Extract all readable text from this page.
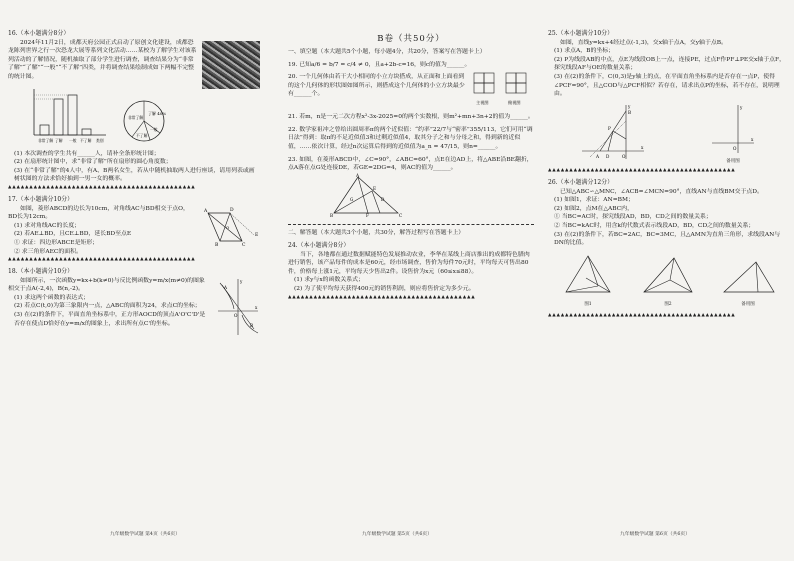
16.（本小题满分8分）
2024年11月2日，成都天府公园正式启动了原创文化建设，成都恐龙陈列世界之行一次恐龙大展等系列文化活动……某校为了解学生对该系列活动的了解情况，随机抽取了部分学生进行调查，调查结果分为“非常了解”“了解”“一般”“不了解”四类，并将调查结果绘制成如下两幅不完整的统计图。
非常了解 了解 一般 不了解 类别
了解 40%
非常了解
一般
不了解
(1) 本次调查的学生共有______人，请补全条形统计图；
(2) 在扇形统计图中，求“非常了解”所在扇形的圆心角度数；
(3) 在“非常了解”的4人中，有A、B两名女生，若从中随机抽取两人进行座谈，请用列表或画树状图的方法求恰好抽到一男一女的概率。
▲▲▲▲▲▲▲▲▲▲▲▲▲▲▲▲▲▲▲▲▲▲▲▲▲▲▲▲▲▲▲▲▲▲▲▲▲▲▲▲▲▲▲▲
17.（本小题满分10分）
A	D
B	C
E
O
如图，菱形ABCD的边长为10cm，对角线AC与BD相交于点O，BD长为12cm。
(1) 求对角线AC的长度；
(2) 若AE⊥BD，且CE⊥BD，延长BD至点E
① 求证：四边形ABCE是矩形；
② 求三角形AEC的面积。
▲▲▲▲▲▲▲▲▲▲▲▲▲▲▲▲▲▲▲▲▲▲▲▲▲▲▲▲▲▲▲▲▲▲▲▲▲▲▲▲▲▲▲▲
18.（本小题满分10分）
y
A
O
x
B
如图所示，一次函数y=kx+b(k≠0)与反比例函数y=m/x(m≠0)的图象相交于点A(-2,4)，B(n,-2)。
(1) 求这两个函数的表达式；
(2) 若点C(t,0)为第三象限内一点，△ABC的面积为24，求点C的坐标；
(3) 在(2)的条件下，平面直角坐标系中，正方形AOCD的顶点A'O'C'D'是否存在使点D恰好在y=m/x的图象上，求出所有点C'的坐标。
B卷（共50分）
一、填空题（本大题共5个小题，每小题4分，共20分，答案写在答题卡上）
19. 已知a/6 = b/7 = c/4 ≠ 0，且a+2b-c=16，则c的值为______。
主视图	俯视图
20. 一个几何体由若干大小相同的小立方块搭成，从正面和上面看到的这个几何体的形状图如图所示，则搭成这个几何体的小立方块最少有______个。
21. 若m，n是一元二次方程x²-3x-2025=0的两个实数根，则m²+mn+3n+2的值为______。
22. 数学家祖冲之曾给出圆周率π的两个近似值：“约率”22/7与“密率”355/113，它们可用“调日法”得到：取π的不足近似值3和过剩近似值4，取其分子之和与分母之和，得到新的近似值，……依次计算，经过n次运算后得到的近似值为a_n = 47/15，则n=______。
23. 如图，在菱形ABCD中，∠C=90°，∠ABC=60°，点E在边AD上，将△ABE沿BE翻折，点A落在点G处连接DE，若GE=2DG=4，则AC的值为______。
A
E
D
G
B	F	C
二、解答题（本大题共3个小题，共30分，解答过程写在答题卡上）
24.（本小题满分8分）
当下，各地都在通过数据赋能特色发展推动农业，李华在某线上商店推出的成都特色腊肉进行销售，该产品每件的成本是60元，经市场调查，售价为每件70元时，平均每天可售出80件，价格每上涨1元，平均每天少售出2件。设售价为x元（60≤x≤88）。
(1) 求y与x的函数关系式；
(2) 为了使平均每天获得400元的销售利润，则应将售价定为多少元。
▲▲▲▲▲▲▲▲▲▲▲▲▲▲▲▲▲▲▲▲▲▲▲▲▲▲▲▲▲▲▲▲▲▲▲▲▲▲▲▲▲▲▲▲
25.（本小题满分10分）
如图，直线y=kx+4经过点(-1,3)，交x轴于点A，交y轴于点B。
(1) 求点A，B的坐标；
(2) P为线段AB的中点，点E为线段OB上一点，连接PE，过点F作PF⊥PE交x轴于点F，探究线段AF与OE的数量关系；
(3) 在(2)的条件下，C(0,3)是y轴上的点，在平面直角坐标系内是否存在一点P，使得∠PCF=90°，且△COD与△PCF相似？若存在，请求出点P的坐标，若不存在，说明理由。
y
B
P
A D	O
x
y
O
x
备用图
▲▲▲▲▲▲▲▲▲▲▲▲▲▲▲▲▲▲▲▲▲▲▲▲▲▲▲▲▲▲▲▲▲▲▲▲▲▲▲▲▲▲▲▲
26.（本小题满分12分）
已知△ABC∽△MNC，∠ACB=∠MCN=90°，直线AN与直线BM交于点D。
(1) 如图1，求证：AN=BM；
(2) 如图2，点M在△ABC内，
① 当BC=AC时，探究线段AD，BD，CD之间的数量关系；
② 当BC=kAC时，用含k的代数式表示线段AD，BD，CD之间的数量关系；
(3) 在(2)的条件下，若BC=2AC，BC=3MC，且△AMN为直角三角形，求线段AN与DN的比值。
图1	图2	备用图
▲▲▲▲▲▲▲▲▲▲▲▲▲▲▲▲▲▲▲▲▲▲▲▲▲▲▲▲▲▲▲▲▲▲▲▲▲▲▲▲▲▲▲▲
九年级数学试题 第4页（共6页）	九年级数学试题 第5页（共6页）	九年级数学试题 第6页（共6页）
